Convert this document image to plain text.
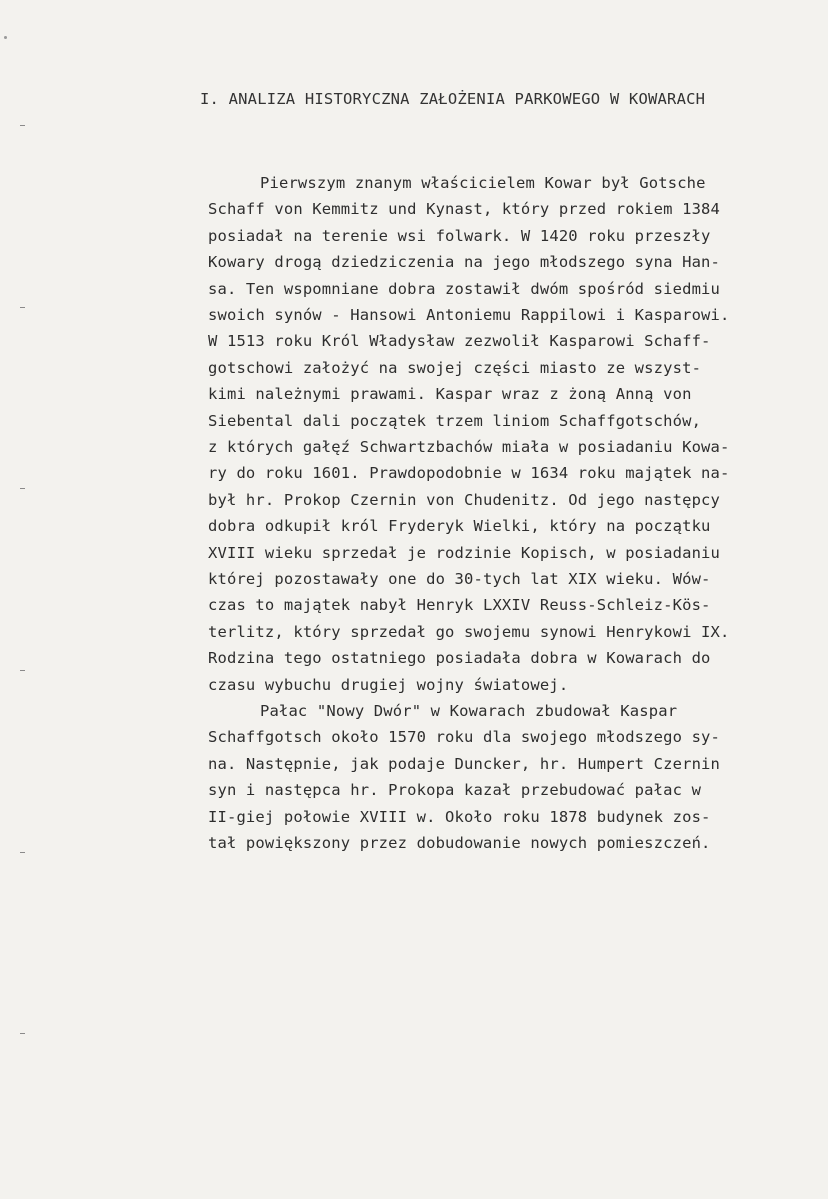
I. ANALIZA HISTORYCZNA ZAŁOŻENIA PARKOWEGO W KOWARACH
Pierwszym znanym właścicielem Kowar był Gotsche
Schaff von Kemmitz und Kynast, który przed rokiem 1384
posiadał na terenie wsi folwark. W 1420 roku przeszły
Kowary drogą dziedziczenia na jego młodszego syna Han-
sa. Ten wspomniane dobra zostawił dwóm spośród siedmiu
swoich synów - Hansowi Antoniemu Rappilowi i Kasparowi.
W 1513 roku Król Władysław zezwolił Kasparowi Schaff-
gotschowi założyć na swojej części miasto ze wszyst-
kimi należnymi prawami. Kaspar wraz z żoną Anną von
Siebental dali początek trzem liniom Schaffgotschów,
z których gałęź Schwartzbachów miała w posiadaniu Kowa-
ry do roku 1601. Prawdopodobnie w 1634 roku majątek na-
był hr. Prokop Czernin von Chudenitz. Od jego następcy
dobra odkupił król Fryderyk Wielki, który na początku
XVIII wieku sprzedał je rodzinie Kopisch, w posiadaniu
której pozostawały one do 30-tych lat XIX wieku. Wów-
czas to majątek nabył Henryk LXXIV Reuss-Schleiz-Kös-
terlitz, który sprzedał go swojemu synowi Henrykowi IX.
Rodzina tego ostatniego posiadała dobra w Kowarach do
czasu wybuchu drugiej wojny światowej.
Pałac "Nowy Dwór" w Kowarach zbudował Kaspar
Schaffgotsch około 1570 roku dla swojego młodszego sy-
na. Następnie, jak podaje Duncker, hr. Humpert Czernin
syn i następca hr. Prokopa kazał przebudować pałac w
II-giej połowie XVIII w. Około roku 1878 budynek zos-
tał powiększony przez dobudowanie nowych pomieszczeń.
